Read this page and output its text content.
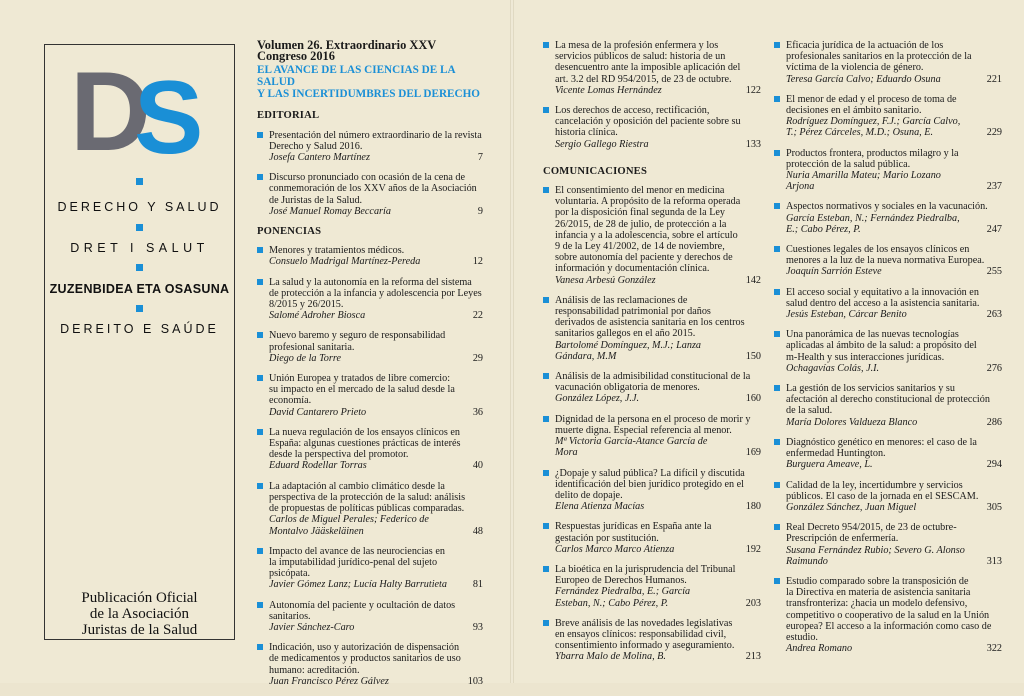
D
S
DERECHO Y SALUD
DRET I SALUT
ZUZENBIDEA ETA OSASUNA
DEREITO E SAÚDE
Publicación Oficial
de la Asociación
Juristas de la Salud
Volumen 26. Extraordinario XXV Congreso 2016
EL AVANCE DE LAS CIENCIAS DE LA SALUD
Y LAS INCERTIDUMBRES DEL DERECHO
EDITORIAL
Presentación del número extraordinario de la revista
Derecho y Salud 2016.
Josefa Cantero Martínez	7
Discurso pronunciado con ocasión de la cena de
conmemoración de los XXV años de la Asociación
de Juristas de la Salud.
José Manuel Romay Beccaría	9
PONENCIAS
Menores y tratamientos médicos.
Consuelo Madrigal Martínez-Pereda	12
La salud y la autonomía en la reforma del sistema
de protección a la infancia y adolescencia por Leyes
8/2015 y 26/2015.
Salomé Adroher Biosca	22
Nuevo baremo y seguro de responsabilidad
profesional sanitaria.
Diego de la Torre	29
Unión Europea y tratados de libre comercio:
su impacto en el mercado de la salud desde la
economía.
David Cantarero Prieto	36
La nueva regulación de los ensayos clínicos en
España: algunas cuestiones prácticas de interés
desde la perspectiva del promotor.
Eduard Rodellar Torras	40
La adaptación al cambio climático desde la
perspectiva de la protección de la salud: análisis
de propuestas de políticas públicas comparadas.
Carlos de Miguel Perales; Federico de Montalvo Jääskeläinen	48
Impacto del avance de las neurociencias en
la imputabilidad jurídico-penal del sujeto
psicópata.
Javier Gómez Lanz; Lucía Halty Barrutieta	81
Autonomía del paciente y ocultación de datos
sanitarios.
Javier Sánchez-Caro	93
Indicación, uso y autorización de dispensación
de medicamentos y productos sanitarios de uso
humano: acreditación.
Juan Francisco Pérez Gálvez	103
La mesa de la profesión enfermera y los
servicios públicos de salud: historia de un
desencuentro ante la imposible aplicación del
art. 3.2 del RD 954/2015, de 23 de octubre.
Vicente Lomas Hernández	122
Los derechos de acceso, rectificación,
cancelación y oposición del paciente sobre su
historia clínica.
Sergio Gallego Riestra	133
COMUNICACIONES
El consentimiento del menor en medicina
voluntaria. A propósito de la reforma operada
por la disposición final segunda de la Ley
26/2015, de 28 de julio, de protección a la
infancia y a la adolescencia, sobre el artículo
9 de la Ley 41/2002, de 14 de noviembre,
sobre autonomía del paciente y derechos de
información y documentación clínica.
Vanesa Arbesú González	142
Análisis de las reclamaciones de
responsabilidad patrimonial por daños
derivados de asistencia sanitaria en los centros
sanitarios gallegos en el año 2015.
Bartolomé Domínguez, M.J.; Lanza Gándara, M.M	150
Análisis de la admisibilidad constitucional de la
vacunación obligatoria de menores.
González López, J.J.	160
Dignidad de la persona en el proceso de morir y
muerte digna. Especial referencia al menor.
Mª Victoria García-Atance García de Mora	169
¿Dopaje y salud pública? La difícil y discutida
identificación del bien jurídico protegido en el
delito de dopaje.
Elena Atienza Macías	180
Respuestas jurídicas en España ante la
gestación por sustitución.
Carlos Marco Marco Atienza	192
La bioética en la jurisprudencia del Tribunal
Europeo de Derechos Humanos.
Fernández Piedralba, E.; García Esteban, N.; Cabo Pérez, P.	203
Breve análisis de las novedades legislativas
en ensayos clínicos: responsabilidad civil,
consentimiento informado y aseguramiento.
Ybarra Malo de Molina, B.	213
Eficacia jurídica de la actuación de los
profesionales sanitarios en la protección de la
víctima de la violencia de género.
Teresa García Calvo; Eduardo Osuna	221
El menor de edad y el proceso de toma de
decisiones en el ámbito sanitario.
Rodríguez Domínguez, F.J.; García Calvo, T.; Pérez Cárceles, M.D.; Osuna, E.	229
Productos frontera, productos milagro y la
protección de la salud pública.
Nuria Amarilla Mateu; Mario Lozano Arjona	237
Aspectos normativos y sociales en la vacunación.
García Esteban, N.; Fernández Piedralba, E.; Cabo Pérez, P.	247
Cuestiones legales de los ensayos clínicos en
menores a la luz de la nueva normativa Europea.
Joaquín Sarrión Esteve	255
El acceso social y equitativo a la innovación en
salud dentro del acceso a la asistencia sanitaria.
Jesús Esteban, Cárcar Benito	263
Una panorámica de las nuevas tecnologías
aplicadas al ámbito de la salud: a propósito del
m-Health y sus interacciones jurídicas.
Ochagavías Colás, J.I.	276
La gestión de los servicios sanitarios y su
afectación al derecho constitucional de protección
de la salud.
María Dolores Valdueza Blanco	286
Diagnóstico genético en menores: el caso de la
enfermedad Huntington.
Burguera Ameave, L.	294
Calidad de la ley, incertidumbre y servicios
públicos. El caso de la jornada en el SESCAM.
González Sánchez, Juan Miguel	305
Real Decreto 954/2015, de 23 de octubre-
Prescripción de enfermería.
Susana Fernández Rubio; Severo G. Alonso Raimundo	313
Estudio comparado sobre la transposición de
la Directiva en materia de asistencia sanitaria
transfronteriza: ¿hacia un modelo defensivo,
competitivo o cooperativo de la salud en la Unión
europea? El acceso a la información como caso de
estudio.
Andrea Romano	322
